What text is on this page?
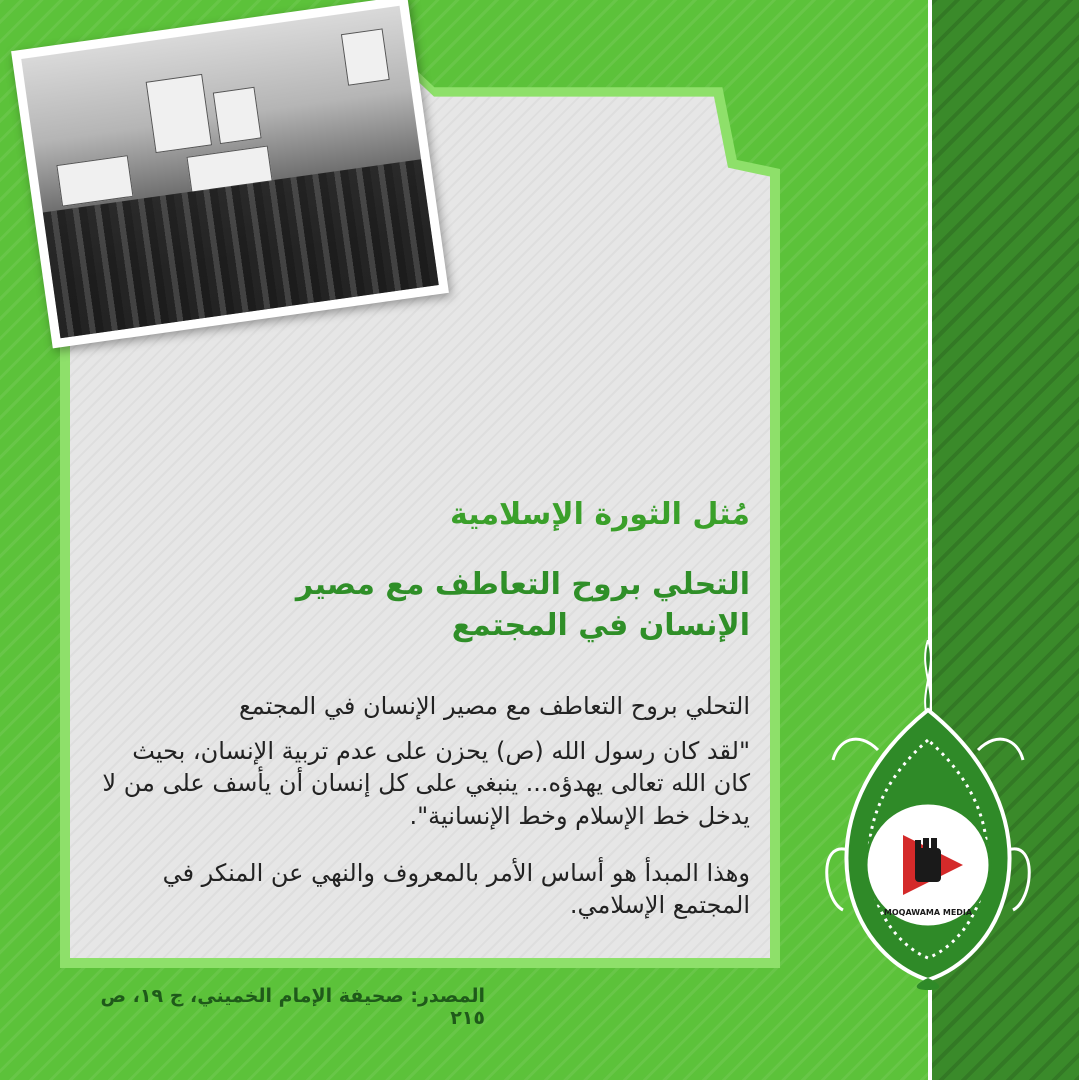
مُثل الثورة الإسلامية
التحلي بروح التعاطف مع مصير
الإنسان في المجتمع
التحلي بروح التعاطف مع مصير الإنسان في المجتمع
"لقد كان رسول الله (ص) يحزن على عدم تربية الإنسان، بحيث كان الله تعالى يهدؤه... ينبغي على كل إنسان أن يأسف على من لا يدخل خط الإسلام وخط الإنسانية".
وهذا المبدأ هو أساس الأمر بالمعروف والنهي عن المنكر في المجتمع الإسلامي.
المصدر: صحيفة الإمام الخميني، ج ١٩، ص ٢١٥
MOQAWAMA MEDIA
